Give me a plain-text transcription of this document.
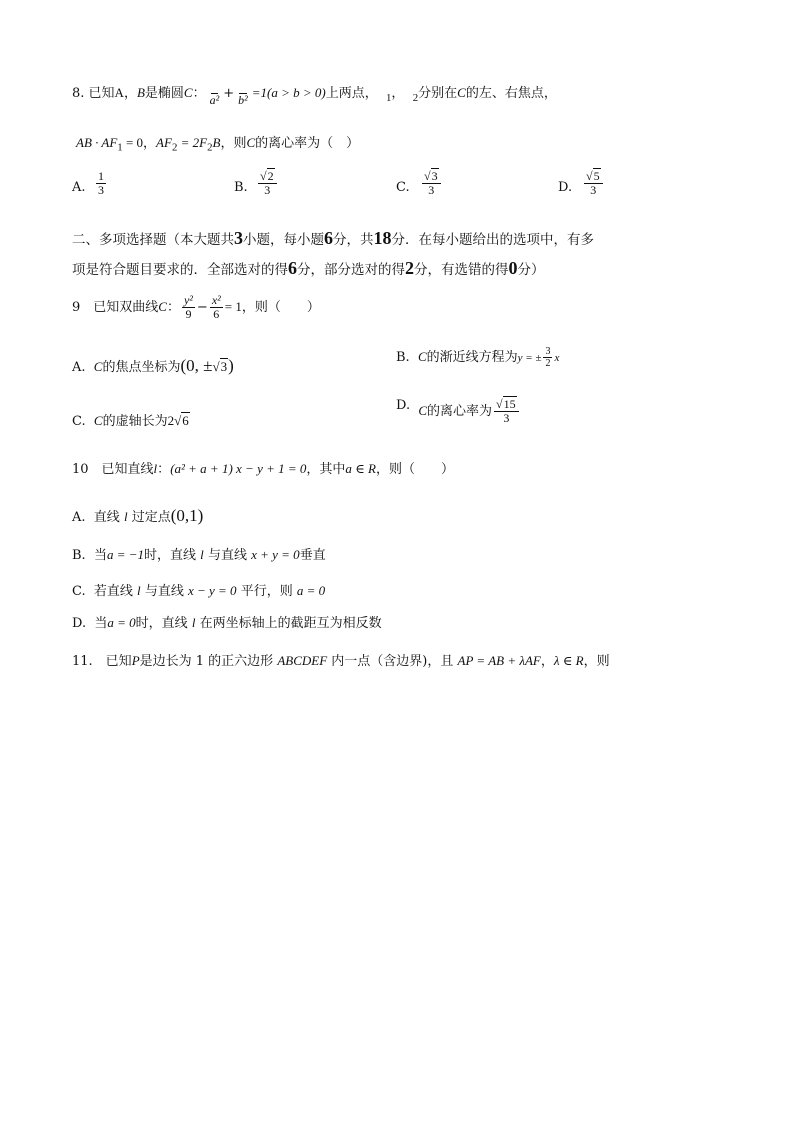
8. 已知A，B是椭圆C：
a² +
b² =1(a > b > 0)上两点， $_1$， $_2$分别在C的左、右焦点，
AB · $AF_1 = 0$，$AF_2 = 2F_2B$，则C的离心率为（　）
A. $\frac{1}{3}$	B. $\frac{√2}{3}$	C. $\frac{√3}{3}$	D. $\frac{√5}{3}$
二、多项选择题（本大题共3小题，每小题6分，共18分．在每小题给出的选项中，有多
项是符合题目要求的．全部选对的得6分，部分选对的得2分，有选错的得0分）
9　已知双曲线C： $\frac{\text{y²}}{9} - \frac{\text{x²}}{6} = 1$，则（　　）
A. C的焦点坐标为(0, ±√3)	B. C的渐近线方程为y = ± $\frac{3}{2}$ x
C. C的虚轴长为2√6
D. C的离心率为 $\frac{√15}{3}$
10　已知直线l：(a² + a + 1) x − y + 1 = 0，其中a ∈ R，则（　　）
A. 直线 l 过定点(0,1)
B. 当a = −1时，直线 l 与直线 x + y = 0垂直
C. 若直线 l 与直线 x − y = 0 平行，则 a = 0
D. 当a = 0时，直线 l 在两坐标轴上的截距互为相反数
11.　已知P是边长为 1 的正六边形 ABCDEF 内一点（含边界)，且 AP = AB + λAF，λ ∈ R，则
